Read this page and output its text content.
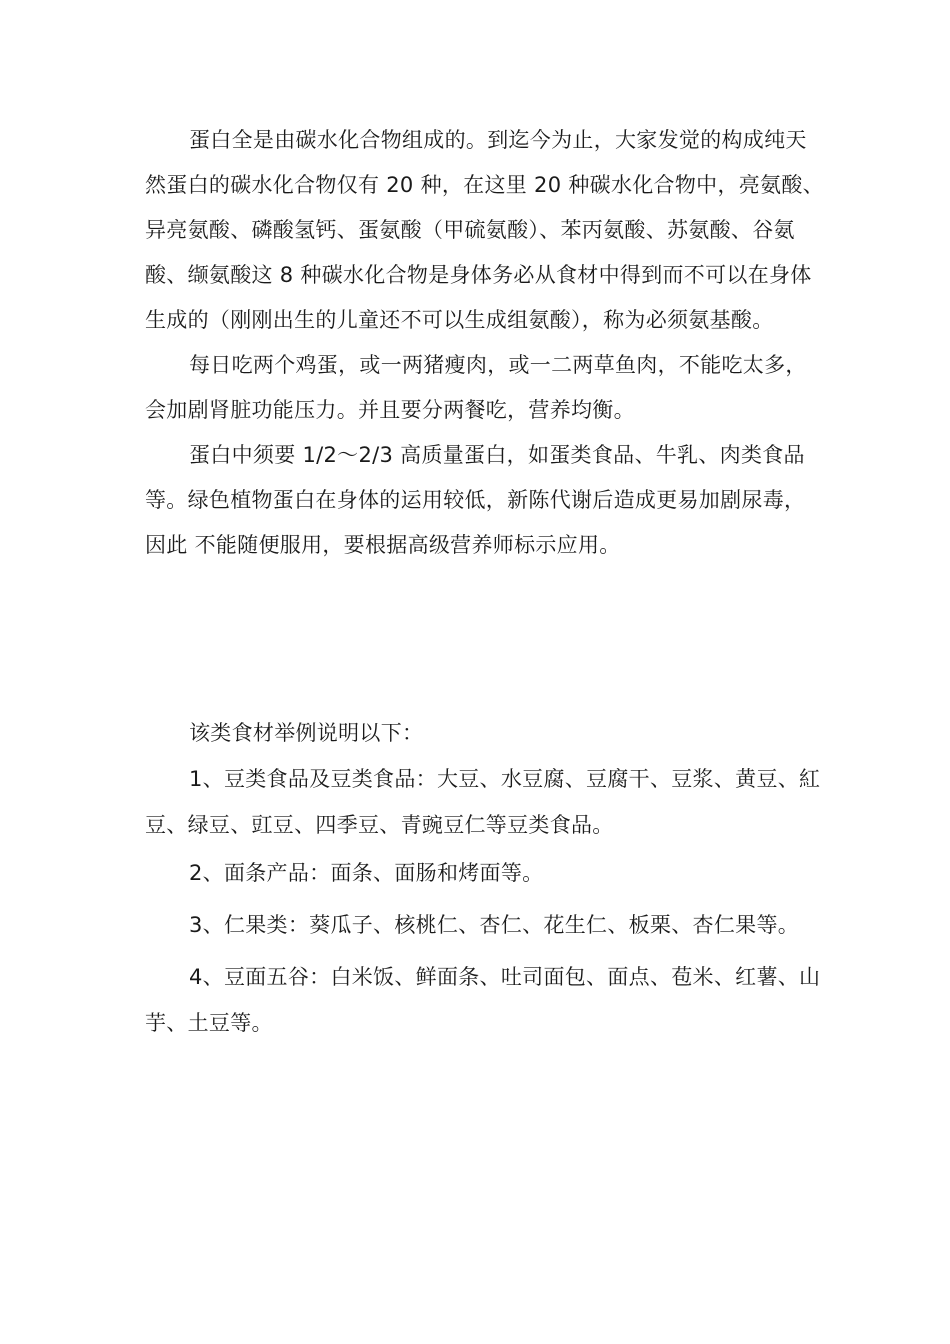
蛋白全是由碳水化合物组成的。到迄今为止，大家发觉的构成纯天然蛋白的碳水化合物仅有 20 种，在这里 20 种碳水化合物中，亮氨酸、异亮氨酸、磷酸氢钙、蛋氨酸（甲硫氨酸）、苯丙氨酸、苏氨酸、谷氨酸、缬氨酸这 8 种碳水化合物是身体务必从食材中得到而不可以在身体生成的（刚刚出生的儿童还不可以生成组氨酸），称为必须氨基酸。

每日吃两个鸡蛋，或一两猪瘦肉，或一二两草鱼肉，不能吃太多，会加剧肾脏功能压力。并且要分两餐吃，营养均衡。

蛋白中须要 1/2～2/3 高质量蛋白，如蛋类食品、牛乳、肉类食品等。绿色植物蛋白在身体的运用较低，新陈代谢后造成更易加剧尿毒，因此 不能随便服用，要根据高级营养师标示应用。

该类食材举例说明以下：

1、豆类食品及豆类食品：大豆、水豆腐、豆腐干、豆浆、黄豆、紅豆、绿豆、豇豆、四季豆、青豌豆仁等豆类食品。

2、面条产品：面条、面肠和烤面等。

3、仁果类：葵瓜子、核桃仁、杏仁、花生仁、板栗、杏仁果等。

4、豆面五谷：白米饭、鲜面条、吐司面包、面点、苞米、红薯、山芋、土豆等。
